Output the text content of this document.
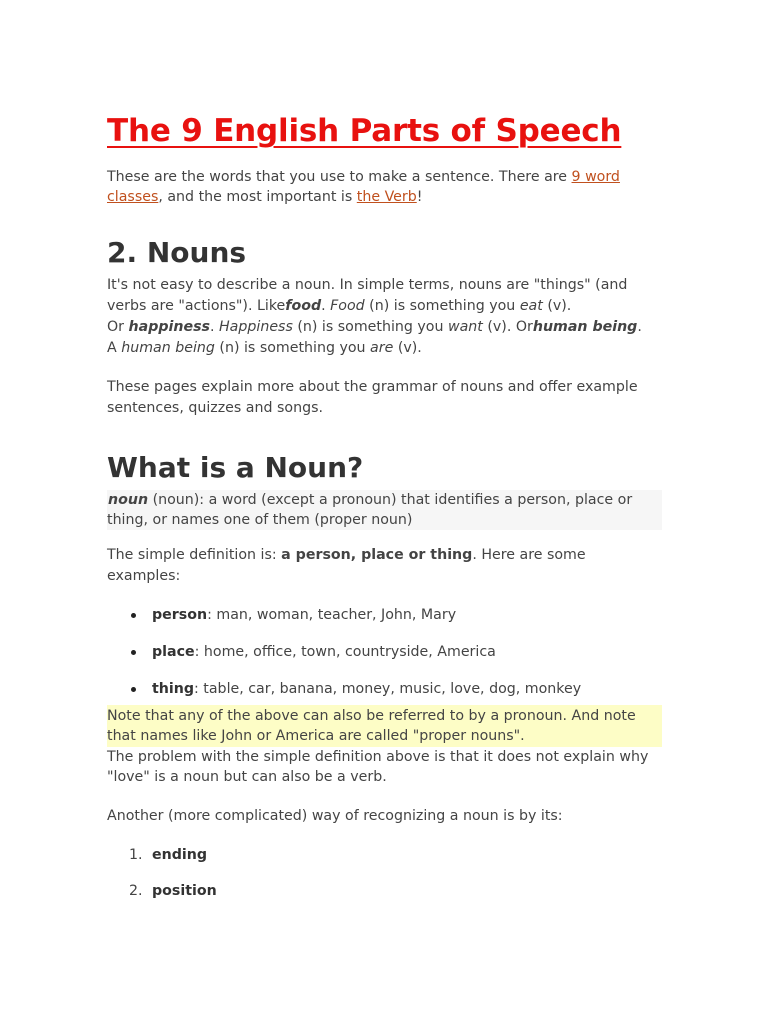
The 9 English Parts of Speech

These are the words that you use to make a sentence. There are 9 word classes, and the most important is the Verb!

2. Nouns

It's not easy to describe a noun. In simple terms, nouns are "things" (and verbs are "actions"). Likefood. Food (n) is something you eat (v).
Or happiness. Happiness (n) is something you want (v). Orhuman being.
A human being (n) is something you are (v).

These pages explain more about the grammar of nouns and offer example sentences, quizzes and songs.

What is a Noun?
noun (noun): a word (except a pronoun) that identifies a person, place or thing, or names one of them (proper noun)

The simple definition is: a person, place or thing. Here are some examples:

person: man, woman, teacher, John, Mary
place: home, office, town, countryside, America
thing: table, car, banana, money, music, love, dog, monkey
Note that any of the above can also be referred to by a pronoun. And note that names like John or America are called "proper nouns".
The problem with the simple definition above is that it does not explain why "love" is a noun but can also be a verb.

Another (more complicated) way of recognizing a noun is by its:

1. ending
2. position
